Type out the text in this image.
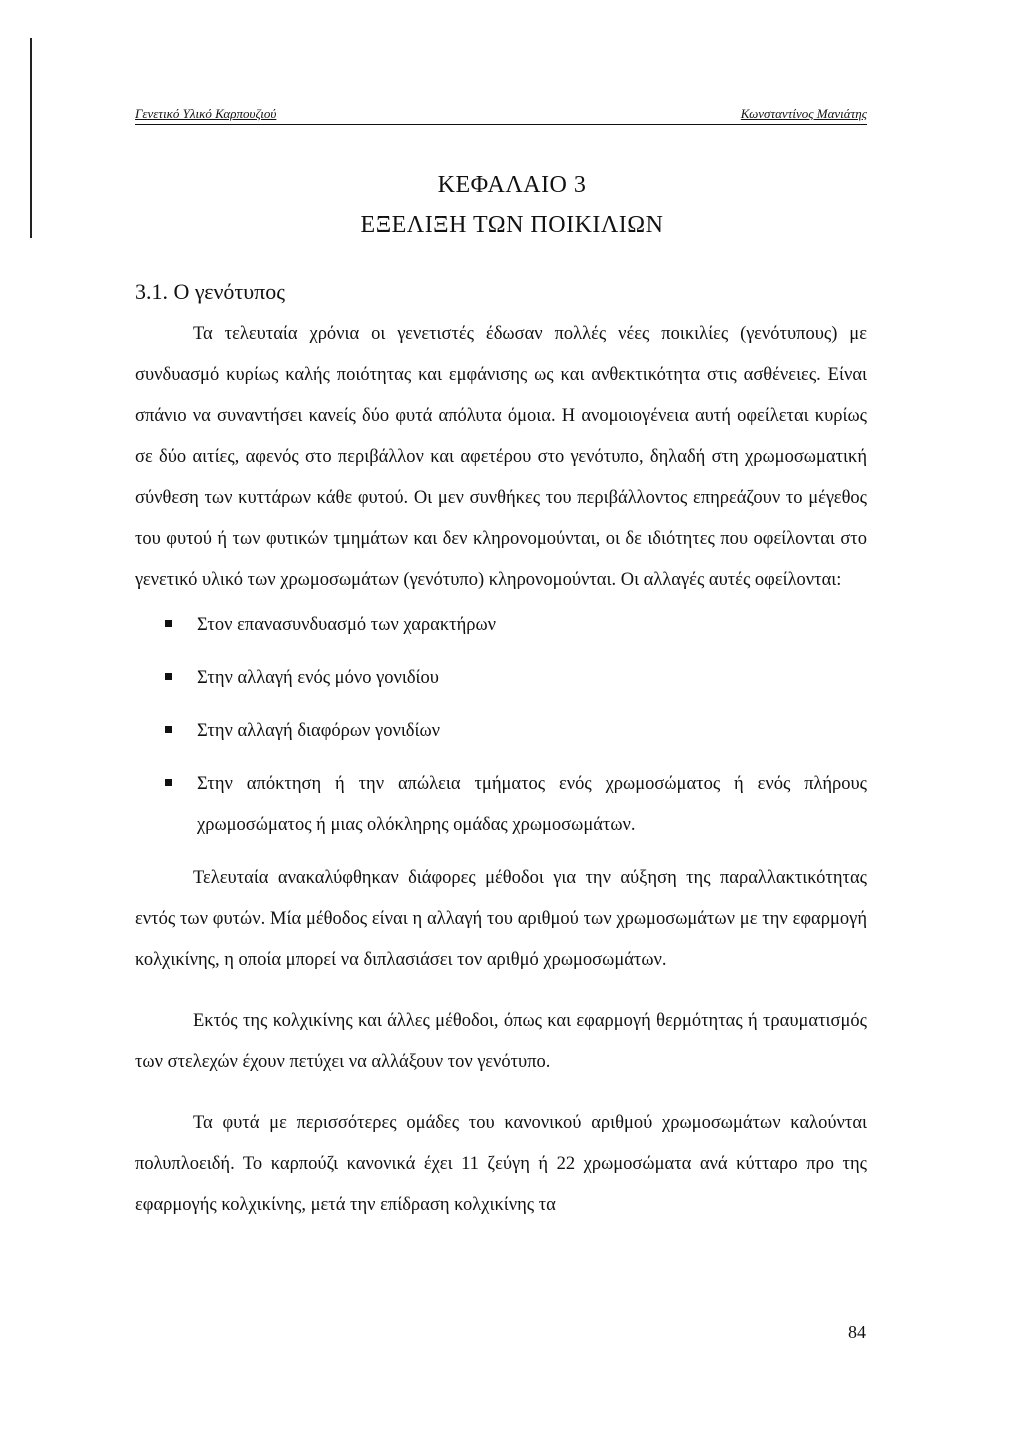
Γενετικό Υλικό Καρπουζιού	Κωνσταντίνος Μανιάτης
ΚΕΦΑΛΑΙΟ 3
ΕΞΕΛΙΞΗ ΤΩΝ ΠΟΙΚΙΛΙΩΝ
3.1. Ο γενότυπος

Τα τελευταία χρόνια οι γενετιστές έδωσαν πολλές νέες ποικιλίες (γενότυπους) με συνδυασμό κυρίως καλής ποιότητας και εμφάνισης ως και ανθεκτικότητα στις ασθένειες. Είναι σπάνιο να συναντήσει κανείς δύο φυτά απόλυτα όμοια. Η ανομοιογένεια αυτή οφείλεται κυρίως σε δύο αιτίες, αφενός στο περιβάλλον και αφετέρου στο γενότυπο, δηλαδή στη χρωμοσωματική σύνθεση των κυττάρων κάθε φυτού. Οι μεν συνθήκες του περιβάλλοντος επηρεάζουν το μέγεθος του φυτού ή των φυτικών τμημάτων και δεν κληρονομούνται, οι δε ιδιότητες που οφείλονται στο γενετικό υλικό των χρωμοσωμάτων (γενότυπο) κληρονομούνται. Οι αλλαγές αυτές οφείλονται:

Στον επανασυνδυασμό των χαρακτήρων
Στην αλλαγή ενός μόνο γονιδίου
Στην αλλαγή διαφόρων γονιδίων
Στην απόκτηση ή την απώλεια τμήματος ενός χρωμοσώματος ή ενός πλήρους χρωμοσώματος ή μιας ολόκληρης ομάδας χρωμοσωμάτων.

Τελευταία ανακαλύφθηκαν διάφορες μέθοδοι για την αύξηση της παραλλακτικότητας εντός των φυτών. Μία μέθοδος είναι η αλλαγή του αριθμού των χρωμοσωμάτων με την εφαρμογή κολχικίνης, η οποία μπορεί να διπλασιάσει τον αριθμό χρωμοσωμάτων.

Εκτός της κολχικίνης και άλλες μέθοδοι, όπως και εφαρμογή θερμότητας ή τραυματισμός των στελεχών έχουν πετύχει να αλλάξουν τον γενότυπο.

Τα φυτά με περισσότερες ομάδες του κανονικού αριθμού χρωμοσωμάτων καλούνται πολυπλοειδή. Το καρπούζι κανονικά έχει 11 ζεύγη ή 22 χρωμοσώματα ανά κύτταρο προ της εφαρμογής κολχικίνης, μετά την επίδραση κολχικίνης τα

84
